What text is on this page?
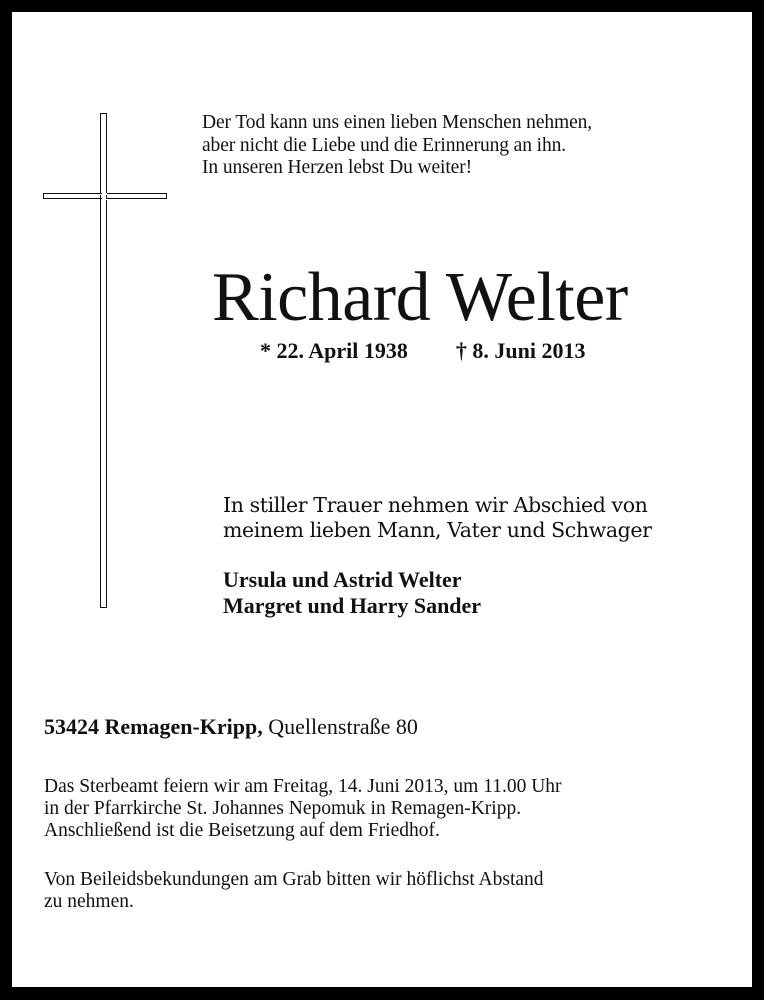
Der Tod kann uns einen lieben Menschen nehmen,
aber nicht die Liebe und die Erinnerung an ihn.
In unseren Herzen lebst Du weiter!
Richard Welter
* 22. April 1938 † 8. Juni 2013
In stiller Trauer nehmen wir Abschied von
meinem lieben Mann, Vater und Schwager
Ursula und Astrid Welter
Margret und Harry Sander
53424 Remagen-Kripp, Quellenstraße 80
Das Sterbeamt feiern wir am Freitag, 14. Juni 2013, um 11.00 Uhr
in der Pfarrkirche St. Johannes Nepomuk in Remagen-Kripp.
Anschließend ist die Beisetzung auf dem Friedhof.
Von Beileidsbekundungen am Grab bitten wir höflichst Abstand
zu nehmen.
